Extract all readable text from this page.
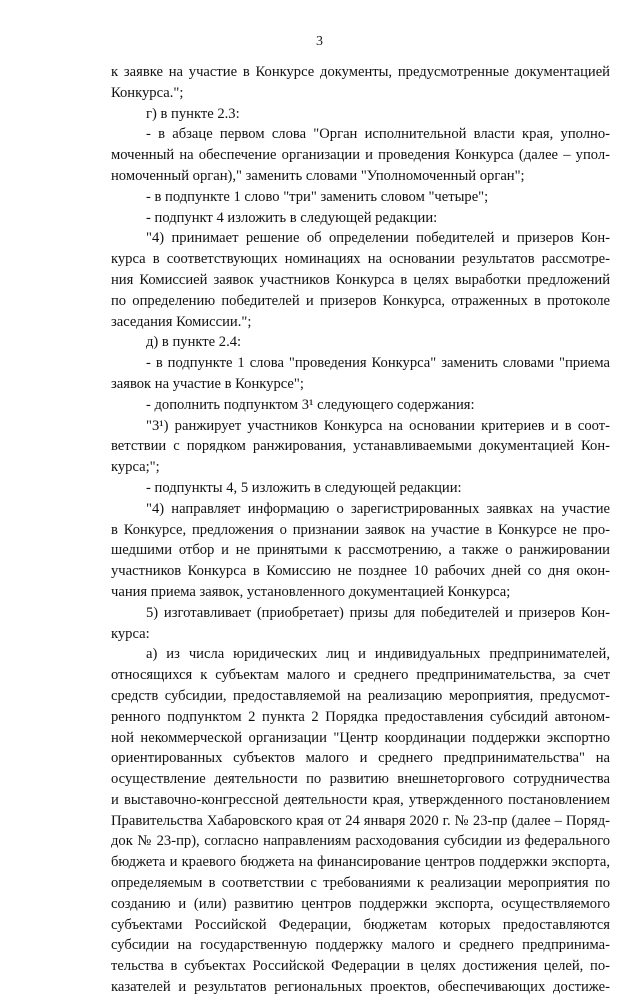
3
к заявке на участие в Конкурсе документы, предусмотренные документацией
Конкурса.";
г) в пункте 2.3:
- в абзаце первом слова "Орган исполнительной власти края, уполно-
моченный на обеспечение организации и проведения Конкурса (далее – упол-
номоченный орган)," заменить словами "Уполномоченный орган";
- в подпункте 1 слово "три" заменить словом "четыре";
- подпункт 4 изложить в следующей редакции:
"4) принимает решение об определении победителей и призеров Кон-
курса в соответствующих номинациях на основании результатов рассмотре-
ния Комиссией заявок участников Конкурса в целях выработки предложений
по определению победителей и призеров Конкурса, отраженных в протоколе
заседания Комиссии.";
д) в пункте 2.4:
- в подпункте 1 слова "проведения Конкурса" заменить словами "приема
заявок на участие в Конкурсе";
- дополнить подпунктом 3¹ следующего содержания:
"3¹) ранжирует участников Конкурса на основании критериев и в соот-
ветствии с порядком ранжирования, устанавливаемыми документацией Кон-
курса;";
- подпункты 4, 5 изложить в следующей редакции:
"4) направляет информацию о зарегистрированных заявках на участие
в Конкурсе, предложения о признании заявок на участие в Конкурсе не про-
шедшими отбор и не принятыми к рассмотрению, а также о ранжировании
участников Конкурса в Комиссию не позднее 10 рабочих дней со дня окон-
чания приема заявок, установленного документацией Конкурса;
5) изготавливает (приобретает) призы для победителей и призеров Кон-
курса:
а) из числа юридических лиц и индивидуальных предпринимателей,
относящихся к субъектам малого и среднего предпринимательства, за счет
средств субсидии, предоставляемой на реализацию мероприятия, предусмот-
ренного подпунктом 2 пункта 2 Порядка предоставления субсидий автоном-
ной некоммерческой организации "Центр координации поддержки экспортно
ориентированных субъектов малого и среднего предпринимательства" на
осуществление деятельности по развитию внешнеторгового сотрудничества
и выставочно-конгрессной деятельности края, утвержденного постановлением
Правительства Хабаровского края от 24 января 2020 г. № 23-пр (далее – Поряд-
док № 23-пр), согласно направлениям расходования субсидии из федерального
бюджета и краевого бюджета на финансирование центров поддержки экспорта,
определяемым в соответствии с требованиями к реализации мероприятия по
созданию и (или) развитию центров поддержки экспорта, осуществляемого
субъектами Российской Федерации, бюджетам которых предоставляются
субсидии на государственную поддержку малого и среднего предпринима-
тельства в субъектах Российской Федерации в целях достижения целей, по-
казателей и результатов региональных проектов, обеспечивающих достиже-
